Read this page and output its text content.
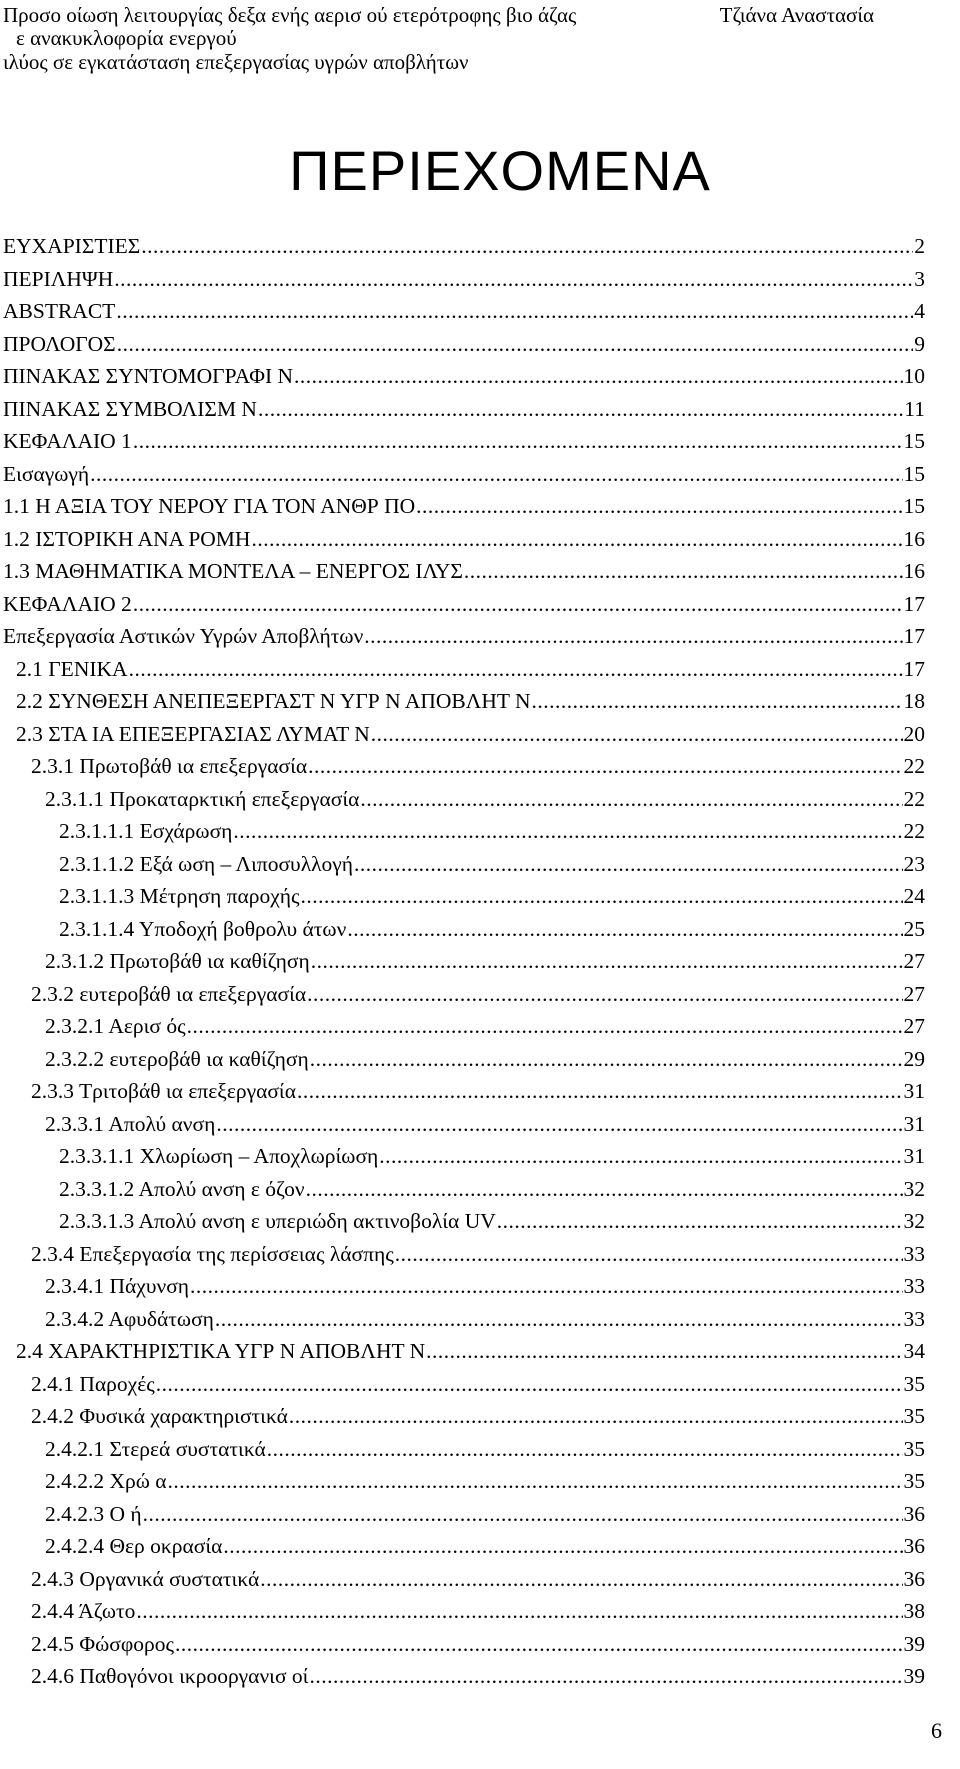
Προσο οίωση λειτουργίας δεξα ενής αερισ ού ετερότροφης βιο άζας
ε ανακυκλοφορία ενεργού
ιλύος σε εγκατάσταση επεξεργασίας υγρών αποβλήτων
Τζιάνα Αναστασία
ΠΕΡΙΕΧΟΜΕΝΑ
ΕΥΧΑΡΙΣΤΙΕΣ .....	2
ΠΕΡΙΛΗΨΗ .....	3
ABSTRACT .....	4
ΠΡΟΛΟΓΟΣ .....	9
ΠΙΝΑΚΑΣ ΣΥΝΤΟΜΟΓΡΑΦΙ Ν .....	10
ΠΙΝΑΚΑΣ ΣΥΜΒΟΛΙΣΜ Ν .....	11
ΚΕΦΑΛΑΙΟ 1 .....	15
Εισαγωγή .....	15
1.1 Η ΑΞΙΑ ΤΟΥ ΝΕΡΟΥ ΓΙΑ ΤΟΝ ΑΝΘΡ ΠΟ .....	15
1.2 ΙΣΤΟΡΙΚΗ ΑΝΑ ΡΟΜΗ .....	16
1.3 ΜΑΘΗΜΑΤΙΚΑ ΜΟΝΤΕΛΑ – ΕΝΕΡΓΟΣ ΙΛΥΣ .....	16
ΚΕΦΑΛΑΙΟ 2 .....	17
Επεξεργασία Αστικών Υγρών Αποβλήτων .....	17
2.1 ΓΕΝΙΚΑ .....	17
2.2 ΣΥΝΘΕΣΗ ΑΝΕΠΕΞΕΡΓΑΣΤ Ν ΥΓΡ Ν ΑΠΟΒΛΗΤ Ν .....	18
2.3 ΣΤΑ ΙΑ ΕΠΕΞΕΡΓΑΣΙΑΣ ΛΥΜΑΤ Ν .....	20
2.3.1 Πρωτοβάθ ια επεξεργασία .....	22
2.3.1.1 Προκαταρκτική επεξεργασία .....	22
2.3.1.1.1 Εσχάρωση .....	22
2.3.1.1.2 Εξά ωση – Λιποσυλλογή .....	23
2.3.1.1.3 Μέτρηση παροχής .....	24
2.3.1.1.4 Υποδοχή βοθρολυ άτων .....	25
2.3.1.2 Πρωτοβάθ ια καθίζηση .....	27
2.3.2 ευτεροβάθ ια επεξεργασία .....	27
2.3.2.1 Αερισ ός .....	27
2.3.2.2 ευτεροβάθ ια καθίζηση .....	29
2.3.3 Τριτοβάθ ια επεξεργασία .....	31
2.3.3.1 Απολύ ανση .....	31
2.3.3.1.1 Χλωρίωση – Αποχλωρίωση .....	31
2.3.3.1.2 Απολύ ανση ε όζον .....	32
2.3.3.1.3 Απολύ ανση ε υπεριώδη ακτινοβολία UV .....	32
2.3.4 Επεξεργασία της περίσσειας λάσπης .....	33
2.3.4.1 Πάχυνση .....	33
2.3.4.2 Αφυδάτωση .....	33
2.4 ΧΑΡΑΚΤΗΡΙΣΤΙΚΑ ΥΓΡ Ν ΑΠΟΒΛΗΤ Ν .....	34
2.4.1 Παροχές .....	35
2.4.2 Φυσικά χαρακτηριστικά .....	35
2.4.2.1 Στερεά συστατικά .....	35
2.4.2.2 Χρώ α .....	35
2.4.2.3 Ο ή .....	36
2.4.2.4 Θερ οκρασία .....	36
2.4.3 Οργανικά συστατικά .....	36
2.4.4 Άζωτο .....	38
2.4.5 Φώσφορος .....	39
2.4.6 Παθογόνοι ικροοργανισ οί .....	39
6
